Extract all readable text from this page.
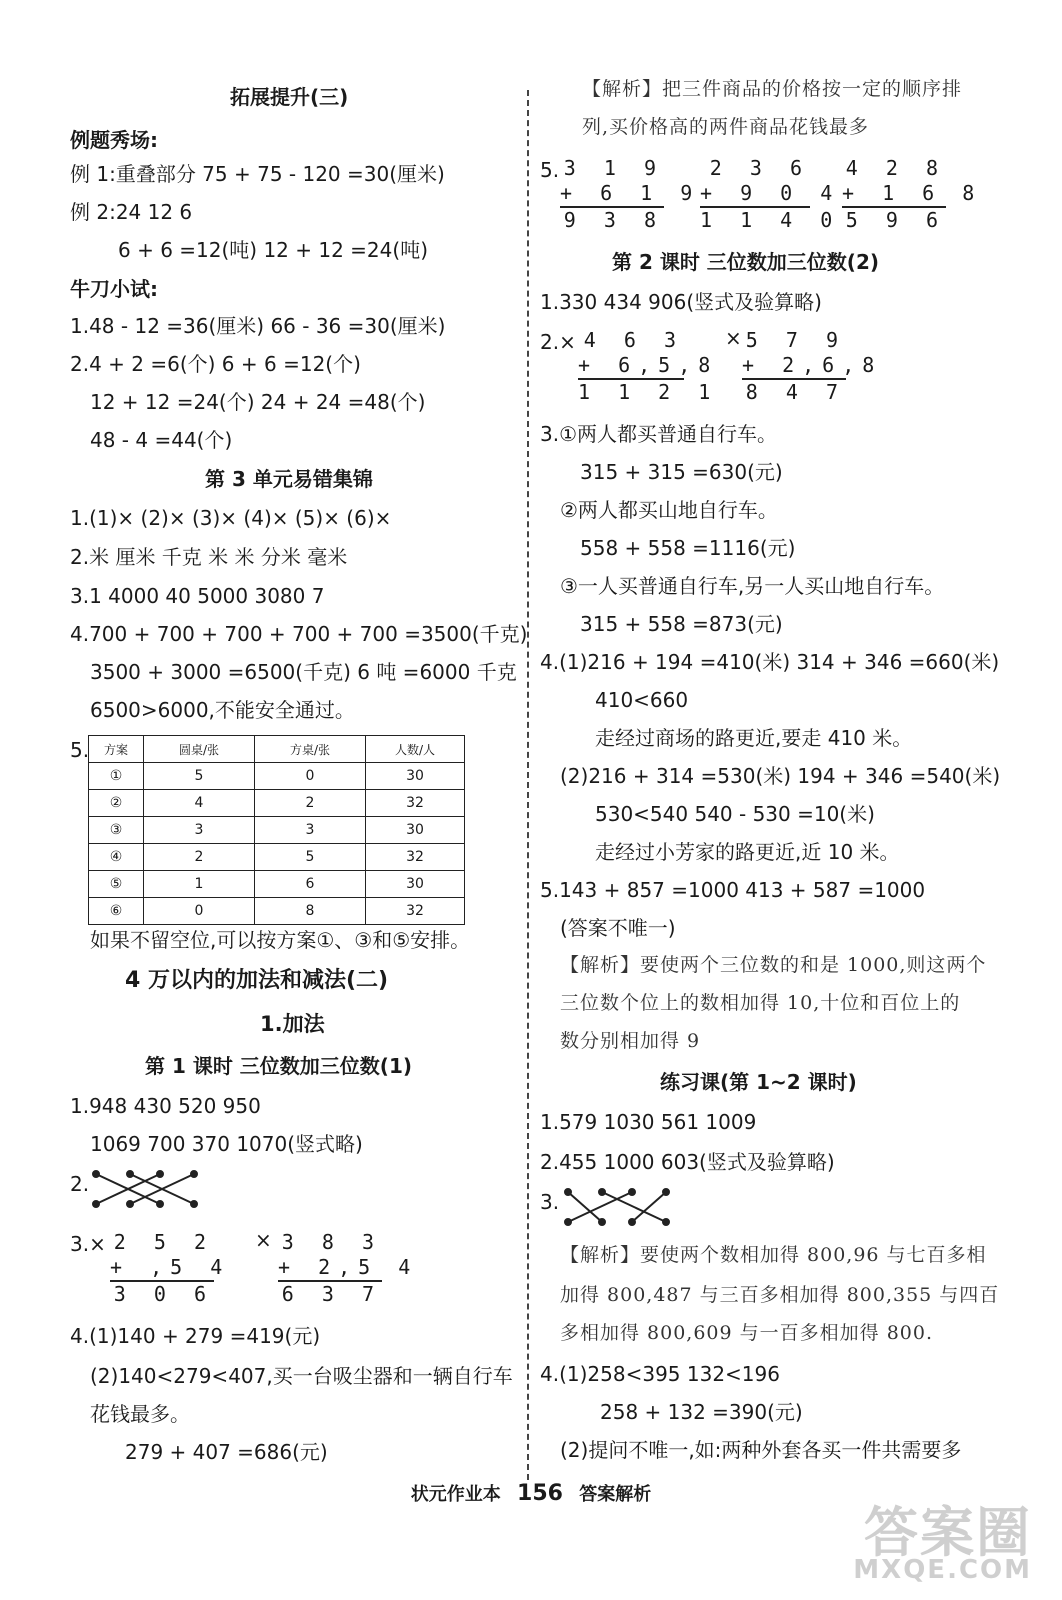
拓展提升(三)
例题秀场:
例 1:重叠部分 75 + 75 - 120 =30(厘米)
例 2:24 12 6
6 + 6 =12(吨) 12 + 12 =24(吨)
牛刀小试:
1.48 - 12 =36(厘米) 66 - 36 =30(厘米)
2.4 + 2 =6(个) 6 + 6 =12(个)
12 + 12 =24(个) 24 + 24 =48(个)
48 - 4 =44(个)
第 3 单元易错集锦
1.(1)× (2)× (3)× (4)× (5)× (6)×
2.米 厘米 千克 米 米 分米 毫米
3.1 4000 40 5000 3080 7
4.700 + 700 + 700 + 700 + 700 =3500(千克)
3500 + 3000 =6500(千克) 6 吨 =6000 千克
6500>6000,不能安全通过。
5. 方案	圆桌/张	方桌/张	人数/人
①	5	0	30
②	4	2	32
③	3	3	30
④	2	5	32
⑤	1	6	30
⑥	0	8	32
如果不留空位,可以按方案①、③和⑤安排。
4 万以内的加法和减法(二)
1.加法
第 1 课时 三位数加三位数(1)
1.948 430 520 950
1069 700 370 1070(竖式略)
2.
3.×	×
4.(1)140 + 279 =419(元)
(2)140<279<407,买一台吸尘器和一辆自行车
花钱最多。
279 + 407 =686(元)
2 5 2
+ ,5 4
3 0 6
3 8 3
+ 2,5 4
6 3 7
【解析】把三件商品的价格按一定的顺序排
列,买价格高的两件商品花钱最多
5.
第 2 课时 三位数加三位数(2)
1.330 434 906(竖式及验算略)
2.×	×
3.①两人都买普通自行车。
315 + 315 =630(元)
②两人都买山地自行车。
558 + 558 =1116(元)
③一人买普通自行车,另一人买山地自行车。
315 + 558 =873(元)
4.(1)216 + 194 =410(米) 314 + 346 =660(米)
410<660
走经过商场的路更近,要走 410 米。
(2)216 + 314 =530(米) 194 + 346 =540(米)
530<540 540 - 530 =10(米)
走经过小芳家的路更近,近 10 米。
5.143 + 857 =1000 413 + 587 =1000
(答案不唯一)
【解析】要使两个三位数的和是 1000,则这两个
三位数个位上的数相加得 10,十位和百位上的
数分别相加得 9
练习课(第 1~2 课时)
1.579 1030 561 1009
2.455 1000 603(竖式及验算略)
3.
【解析】要使两个数相加得 800,96 与七百多相
加得 800,487 与三百多相加得 800,355 与四百
多相加得 800,609 与一百多相加得 800.
4.(1)258<395 132<196
258 + 132 =390(元)
(2)提问不唯一,如:两种外套各买一件共需要多
3 1 9
+ 6 1 9
9 3 8
2 3 6
+ 9 0 4
1 1 4 0
4 2 8
+ 1 6 8
5 9 6
4 6 3
+ 6,5,8
1 1 2 1
5 7 9
+ 2,6,8
8 4 7
状元作业本 156 答案解析
答案圈
MXQE.COM
